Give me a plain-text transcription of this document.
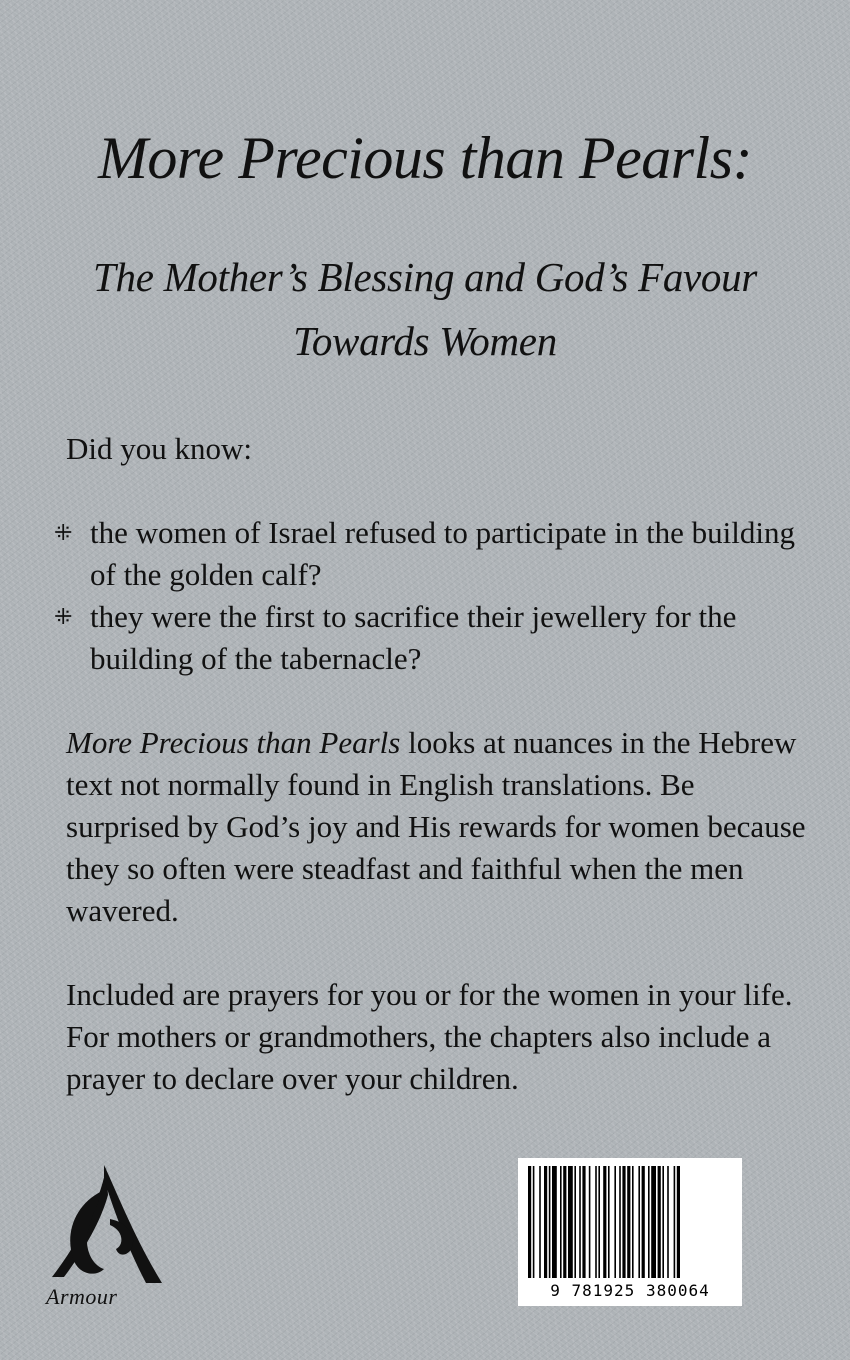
More Precious than Pearls:
The Mother’s Blessing and God’s Favour
Towards Women

Did you know:

⁜ the women of Israel refused to participate in the building of the golden calf?
⁜ they were the first to sacrifice their jewellery for the building of the tabernacle?

More Precious than Pearls looks at nuances in the Hebrew text not normally found in English translations. Be surprised by God’s joy and His rewards for women because they so often were steadfast and faithful when the men wavered.

Included are prayers for you or for the women in your life. For mothers or grandmothers, the chapters also include a prayer to declare over your children.

Armour	9 781925 380064
